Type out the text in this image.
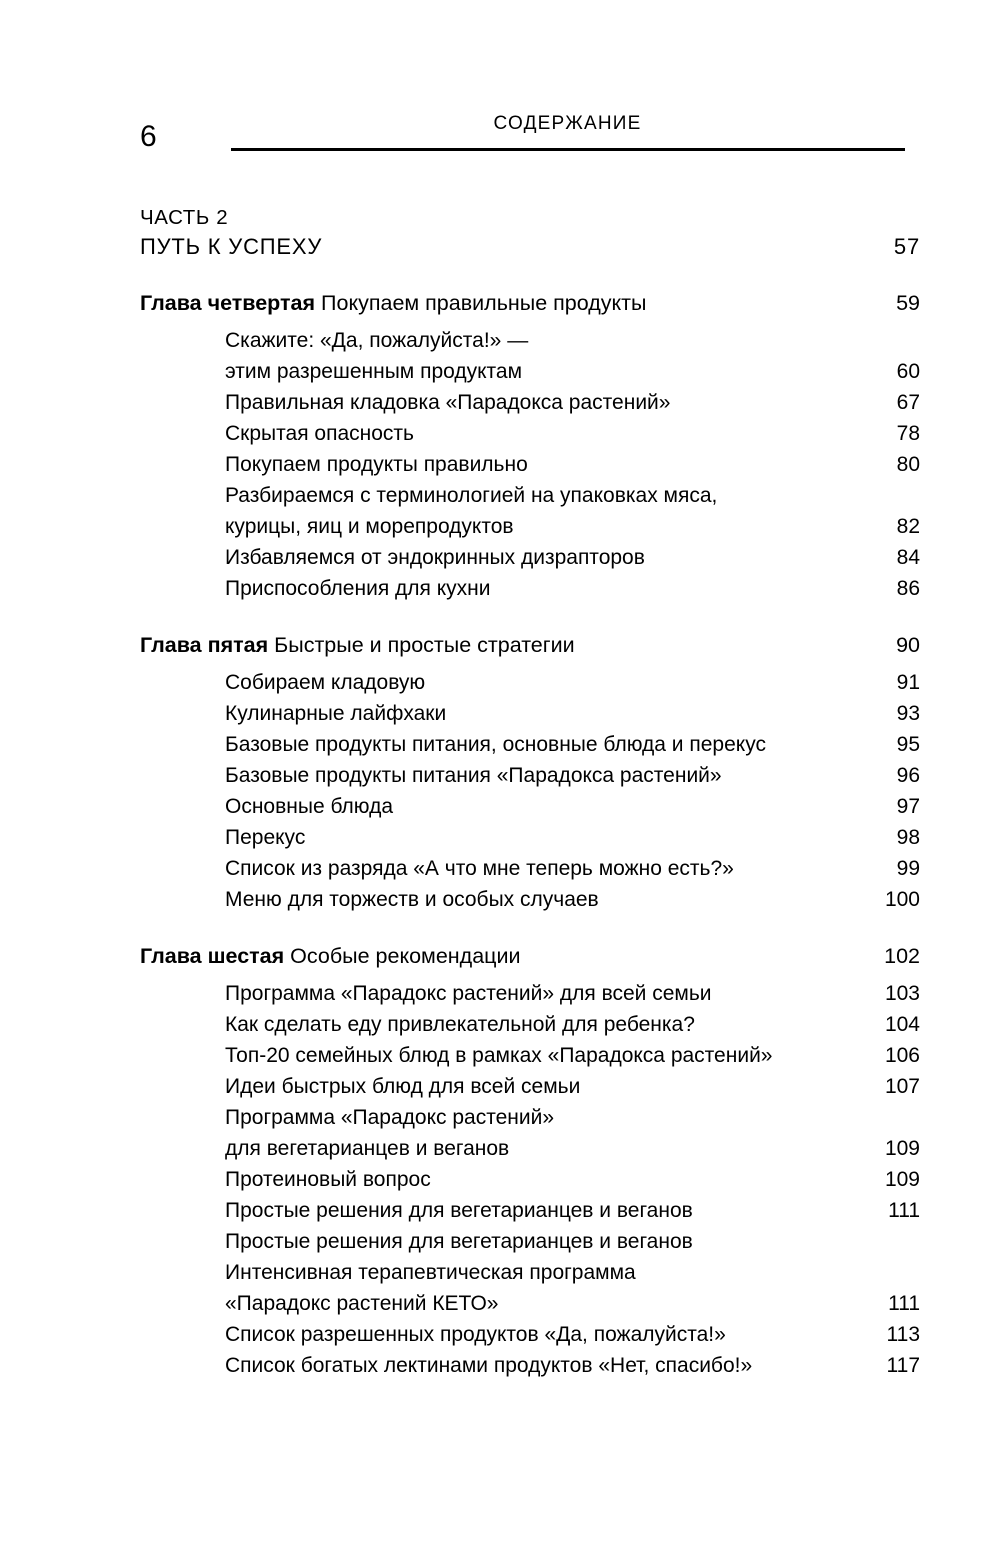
6	СОДЕРЖАНИЕ
ЧАСТЬ 2
ПУТЬ К УСПЕХУ .....	57
Глава четвертая Покупаем правильные продукты .....	59
Скажите: «Да, пожалуйста!» —
этим разрешенным продуктам .....	60
Правильная кладовка «Парадокса растений» .....	67
Скрытая опасность .....	78
Покупаем продукты правильно .....	80
Разбираемся с терминологией на упаковках мяса,
курицы, яиц и морепродуктов .....	82
Избавляемся от эндокринных дизрапторов .....	84
Приспособления для кухни .....	86
Глава пятая Быстрые и простые стратегии .....	90
Собираем кладовую .....	91
Кулинарные лайфхаки .....	93
Базовые продукты питания, основные блюда и перекус .....	95
Базовые продукты питания «Парадокса растений» .....	96
Основные блюда .....	97
Перекус .....	98
Список из разряда «А что мне теперь можно есть?» .....	99
Меню для торжеств и особых случаев .....	100
Глава шестая Особые рекомендации .....	102
Программа «Парадокс растений» для всей семьи .....	103
Как сделать еду привлекательной для ребенка? .....	104
Топ-20 семейных блюд в рамках «Парадокса растений» .....	106
Идеи быстрых блюд для всей семьи .....	107
Программа «Парадокс растений»
для вегетарианцев и веганов .....	109
Протеиновый вопрос .....	109
Простые решения для вегетарианцев и веганов .....	111
Простые решения для вегетарианцев и веганов
Интенсивная терапевтическая программа
«Парадокс растений КЕТО» .....	111
Список разрешенных продуктов «Да, пожалуйста!» .....	113
Список богатых лектинами продуктов «Нет, спасибо!» .....	117
